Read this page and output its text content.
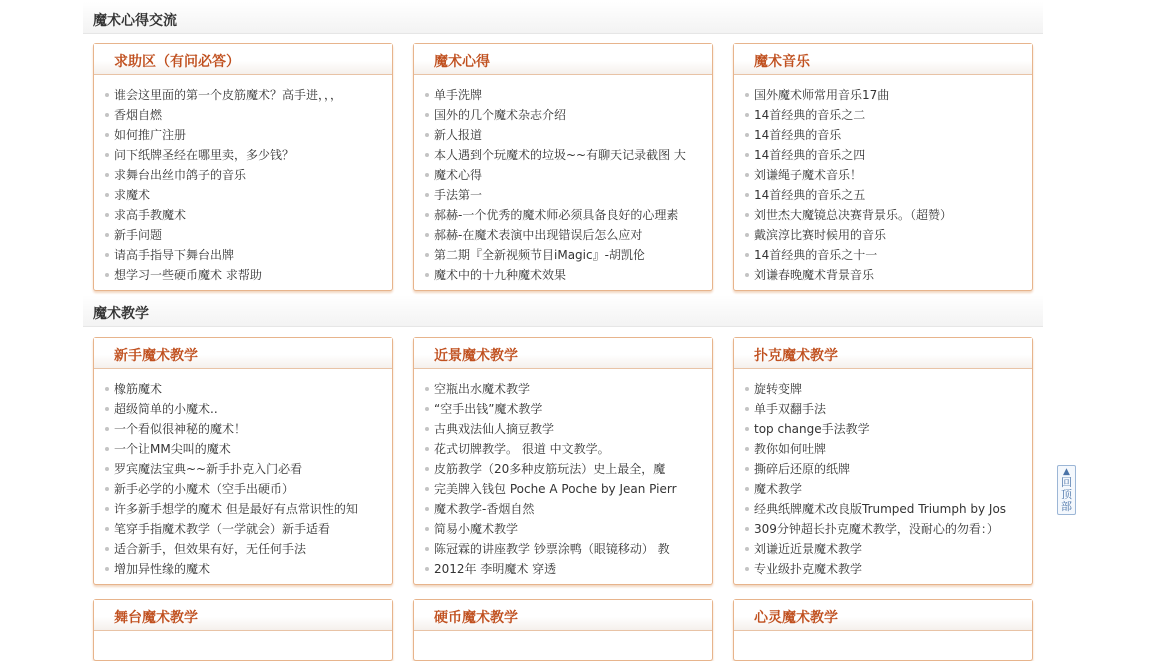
魔术心得交流
魔术教学
求助区（有问必答）
谁会这里面的第一个皮筋魔术？高手进，，，
香烟自燃
如何推广注册
问下纸牌圣经在哪里卖，多少钱？
求舞台出丝巾鸽子的音乐
求魔术
求高手教魔术
新手问题
请高手指导下舞台出牌
想学习一些硬币魔术 求帮助
魔术心得
单手洗牌
国外的几个魔术杂志介绍
新人报道
本人遇到个玩魔术的垃圾~~有聊天记录截图 大
魔术心得
手法第一
郝赫-一个优秀的魔术师必须具备良好的心理素
郝赫-在魔术表演中出现错误后怎么应对
第二期『全新视频节目iMagic』-胡凯伦
魔术中的十九种魔术效果
魔术音乐
国外魔术师常用音乐17曲
14首经典的音乐之二
14首经典的音乐
14首经典的音乐之四
刘谦绳子魔术音乐！
14首经典的音乐之五
刘世杰大魔镜总决赛背景乐。（超赞）
戴滨淳比赛时候用的音乐
14首经典的音乐之十一
刘谦春晚魔术背景音乐
新手魔术教学
橡筋魔术
超级简单的小魔术..
一个看似很神秘的魔术！
一个让MM尖叫的魔术
罗宾魔法宝典~~新手扑克入门必看
新手必学的小魔术（空手出硬币）
许多新手想学的魔术 但是最好有点常识性的知
笔穿手指魔术教学（一学就会）新手适看
适合新手，但效果有好，无任何手法
增加异性缘的魔术
近景魔术教学
空瓶出水魔术教学
“空手出钱”魔术教学
古典戏法仙人摘豆教学
花式切牌教学。 很道 中文教学。
皮筋教学（20多种皮筋玩法）史上最全，魔
完美牌入钱包 Poche A Poche by Jean Pierr
魔术教学-香烟自然
简易小魔术教学
陈冠霖的讲座教学 钞票涂鸭（眼镜移动） 教
2012年 李明魔术 穿透
扑克魔术教学
旋转变牌
单手双翻手法
top change手法教学
教你如何吐牌
撕碎后还原的纸牌
魔术教学
经典纸牌魔术改良版Trumped Triumph by Jos
309分钟超长扑克魔术教学，没耐心的勿看：）
刘谦近近景魔术教学
专业级扑克魔术教学
舞台魔术教学	硬币魔术教学	心灵魔术教学
▲
回顶部
